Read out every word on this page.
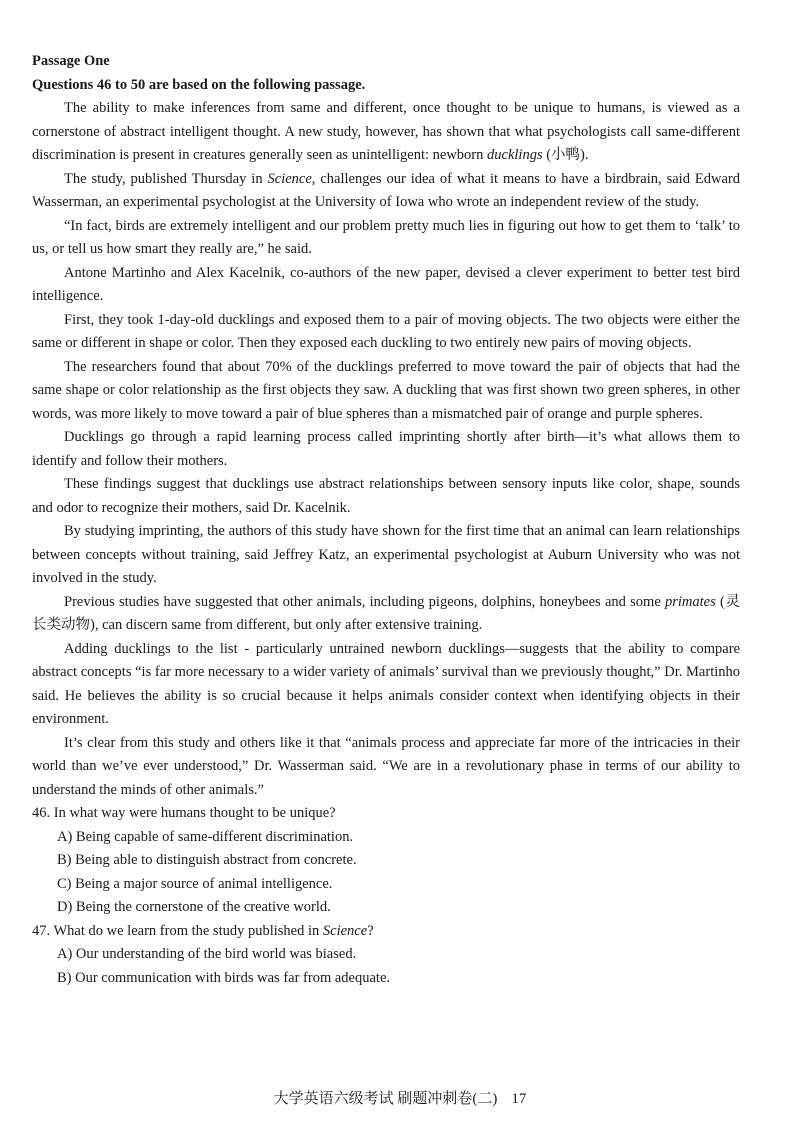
Passage One

Questions 46 to 50 are based on the following passage.

The ability to make inferences from same and different, once thought to be unique to humans, is viewed as a cornerstone of abstract intelligent thought. A new study, however, has shown that what psychologists call same-different discrimination is present in creatures generally seen as unintelligent: newborn ducklings (小鸭).

The study, published Thursday in Science, challenges our idea of what it means to have a birdbrain, said Edward Wasserman, an experimental psychologist at the University of Iowa who wrote an independent review of the study.

“In fact, birds are extremely intelligent and our problem pretty much lies in figuring out how to get them to ‘talk’ to us, or tell us how smart they really are,” he said.

Antone Martinho and Alex Kacelnik, co-authors of the new paper, devised a clever experiment to better test bird intelligence.

First, they took 1-day-old ducklings and exposed them to a pair of moving objects. The two objects were either the same or different in shape or color. Then they exposed each duckling to two entirely new pairs of moving objects.

The researchers found that about 70% of the ducklings preferred to move toward the pair of objects that had the same shape or color relationship as the first objects they saw. A duckling that was first shown two green spheres, in other words, was more likely to move toward a pair of blue spheres than a mismatched pair of orange and purple spheres.

Ducklings go through a rapid learning process called imprinting shortly after birth—it’s what allows them to identify and follow their mothers.

These findings suggest that ducklings use abstract relationships between sensory inputs like color, shape, sounds and odor to recognize their mothers, said Dr. Kacelnik.

By studying imprinting, the authors of this study have shown for the first time that an animal can learn relationships between concepts without training, said Jeffrey Katz, an experimental psychologist at Auburn University who was not involved in the study.

Previous studies have suggested that other animals, including pigeons, dolphins, honeybees and some primates (灵长类动物), can discern same from different, but only after extensive training.

Adding ducklings to the list - particularly untrained newborn ducklings—suggests that the ability to compare abstract concepts “is far more necessary to a wider variety of animals’ survival than we previously thought,” Dr. Martinho said. He believes the ability is so crucial because it helps animals consider context when identifying objects in their environment.

It’s clear from this study and others like it that “animals process and appreciate far more of the intricacies in their world than we’ve ever understood,” Dr. Wasserman said. “We are in a revolutionary phase in terms of our ability to understand the minds of other animals.”

46. In what way were humans thought to be unique?

A) Being capable of same-different discrimination.

B) Being able to distinguish abstract from concrete.

C) Being a major source of animal intelligence.

D) Being the cornerstone of the creative world.

47. What do we learn from the study published in Science?

A) Our understanding of the bird world was biased.

B) Our communication with birds was far from adequate.

大学英语六级考试 刷题冲刺卷(二) 17
